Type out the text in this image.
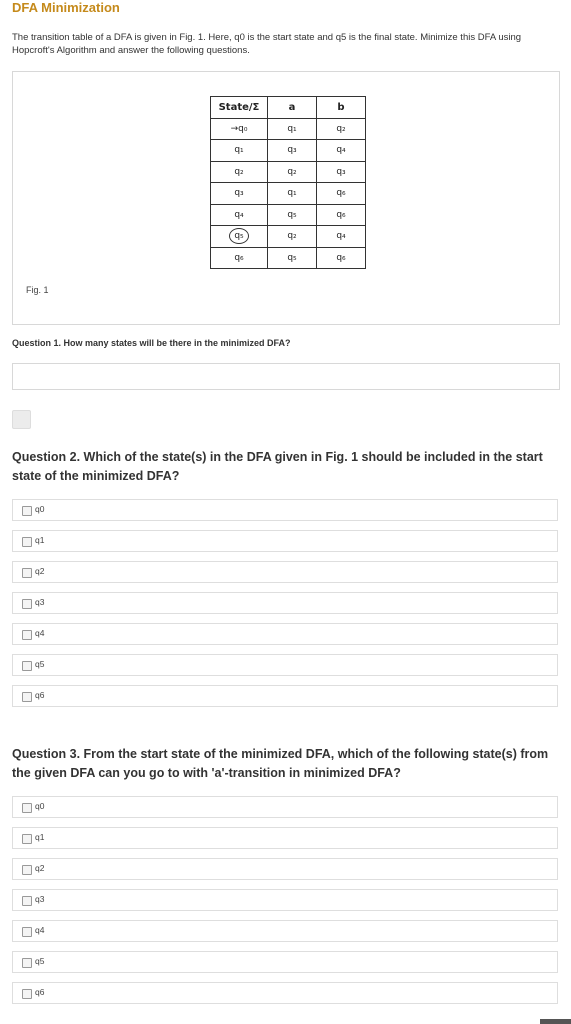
DFA Minimization
The transition table of a DFA is given in Fig. 1. Here, q0 is the start state and q5 is the final state. Minimize this DFA using Hopcroft's Algorithm and answer the following questions.
State/Σ	a	b
→q₀	q₁	q₂
q₁	q₃	q₄
q₂	q₂	q₃
q₃	q₁	q₆
q₄	q₅	q₆
q₅	q₂	q₄
q₆	q₅	q₆
Fig. 1
Question 1. How many states will be there in the minimized DFA?
Question 2. Which of the state(s) in the DFA given in Fig. 1 should be included in the start state of the minimized DFA?
q0
q1
q2
q3
q4
q5
q6
Question 3. From the start state of the minimized DFA, which of the following state(s) from the given DFA can you go to with 'a'-transition in minimized DFA?
q0
q1
q2
q3
q4
q5
q6
